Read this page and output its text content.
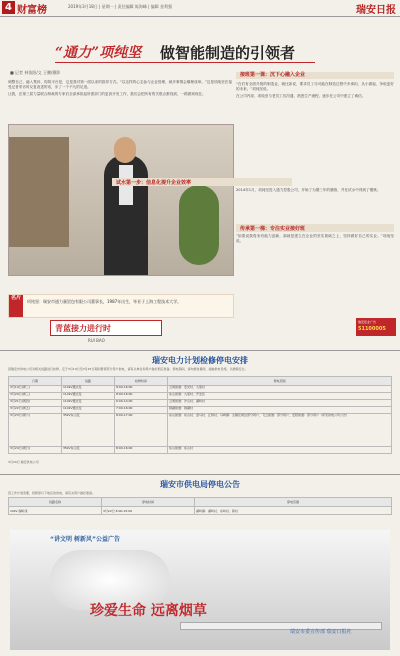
4 财富榜	2019年3月18日 | 星期一 | 责任编辑 陈海峰 | 编辑 金利强	瑞安日报
“通力”项纯坚 做智能制造的引领者
■ 记者 林依阳/文 王鹏/摄影
调整自己、融入集体、构筑平台是，这是我对第一面以来的指导方式。“以这样的心态参与企业管理，就多事情会顺理成章。”这是项纯坚在接受记者采访时反复表述的话，步了一个不凡的足迹。
让我，在第三届力量联合制裁的专家们全部承担起所需部门的更高开发工作，我们会把所有的关联点都找到，一路做到现在。
名片
项纯坚：瑞安市通力量贸包有限公司董事长，1987年出生，毕业于上海工程技术大学。
青蓝接力进行时
RUI BAO
接班第一课：沉下心融入企业
“在们有全面开展的制造业，就比如说，要求员工尽可能在制造过程中多承担，从小做起，争取更好的未来。”项纯坚说。
在公司内部，项纯坚与老员工们沟通，熟悉生产流程，逐步在公司中建立了威信。
试水第一步：信息化提升企业效率
2014年1月，项纯坚进入通力控股公司，开始了为期三年的磨练，并在试水中得到了锻炼。
传承第一梯：专注实业接好班
“如果说我将来有能力创新，那就是建立在企业的坚实基础之上，坚持做好自己的实业。”项纯坚说。
瑞安报业广告
51100005
瑞安电力计划检修停电安排
因瑞安市供电公司对相关线路进行检修，定于3月19日至3月25日期间暂停部分用户供电，请有关单位和用户做好相应准备。停电期间，请勿擅自攀爬、接触供电设施，以确保安全。
日期	线路	检修时间	停电范围
3月19日(周二)	110kV通达变	8:00-16:00	云周街道：宏光村、九里村
3月20日(周三)	110kV通达变	8:00-16:00	东山街道：九里村、开发区
3月21日(周四)	110kV通达变	6:00-14:00	云周街道：沙山村、湖岭村
3月22日(周五)	110kV通达变	7:00-16:00	锦湖街道：锦湖村
3月23日(周六)	35kV东山变	8:00-17:00	东山街道：东山村、金马村、江桥村、马屿镇：全镇及周边部分用户，飞云街道：部分用户，安阳街道：部分用户（详见供电公司公告）
3月24日(周日)	35kV东山变	8:00-16:00	东山街道：东山村
3月20日 瑞安供电公司
瑞安市供电局停电公告
因工作计划需要，将暂停以下地区的供电，请有关用户做好准备。
线路名称	停电时间	停电范围
10kV 湖岭线	3月22日 8:00-15:00	湖岭镇：湖岭村、东岭村、新村
“讲文明 树新风”公益广告
珍爱生命 远离烟草
瑞安市委宣传部 瑞安日报社
